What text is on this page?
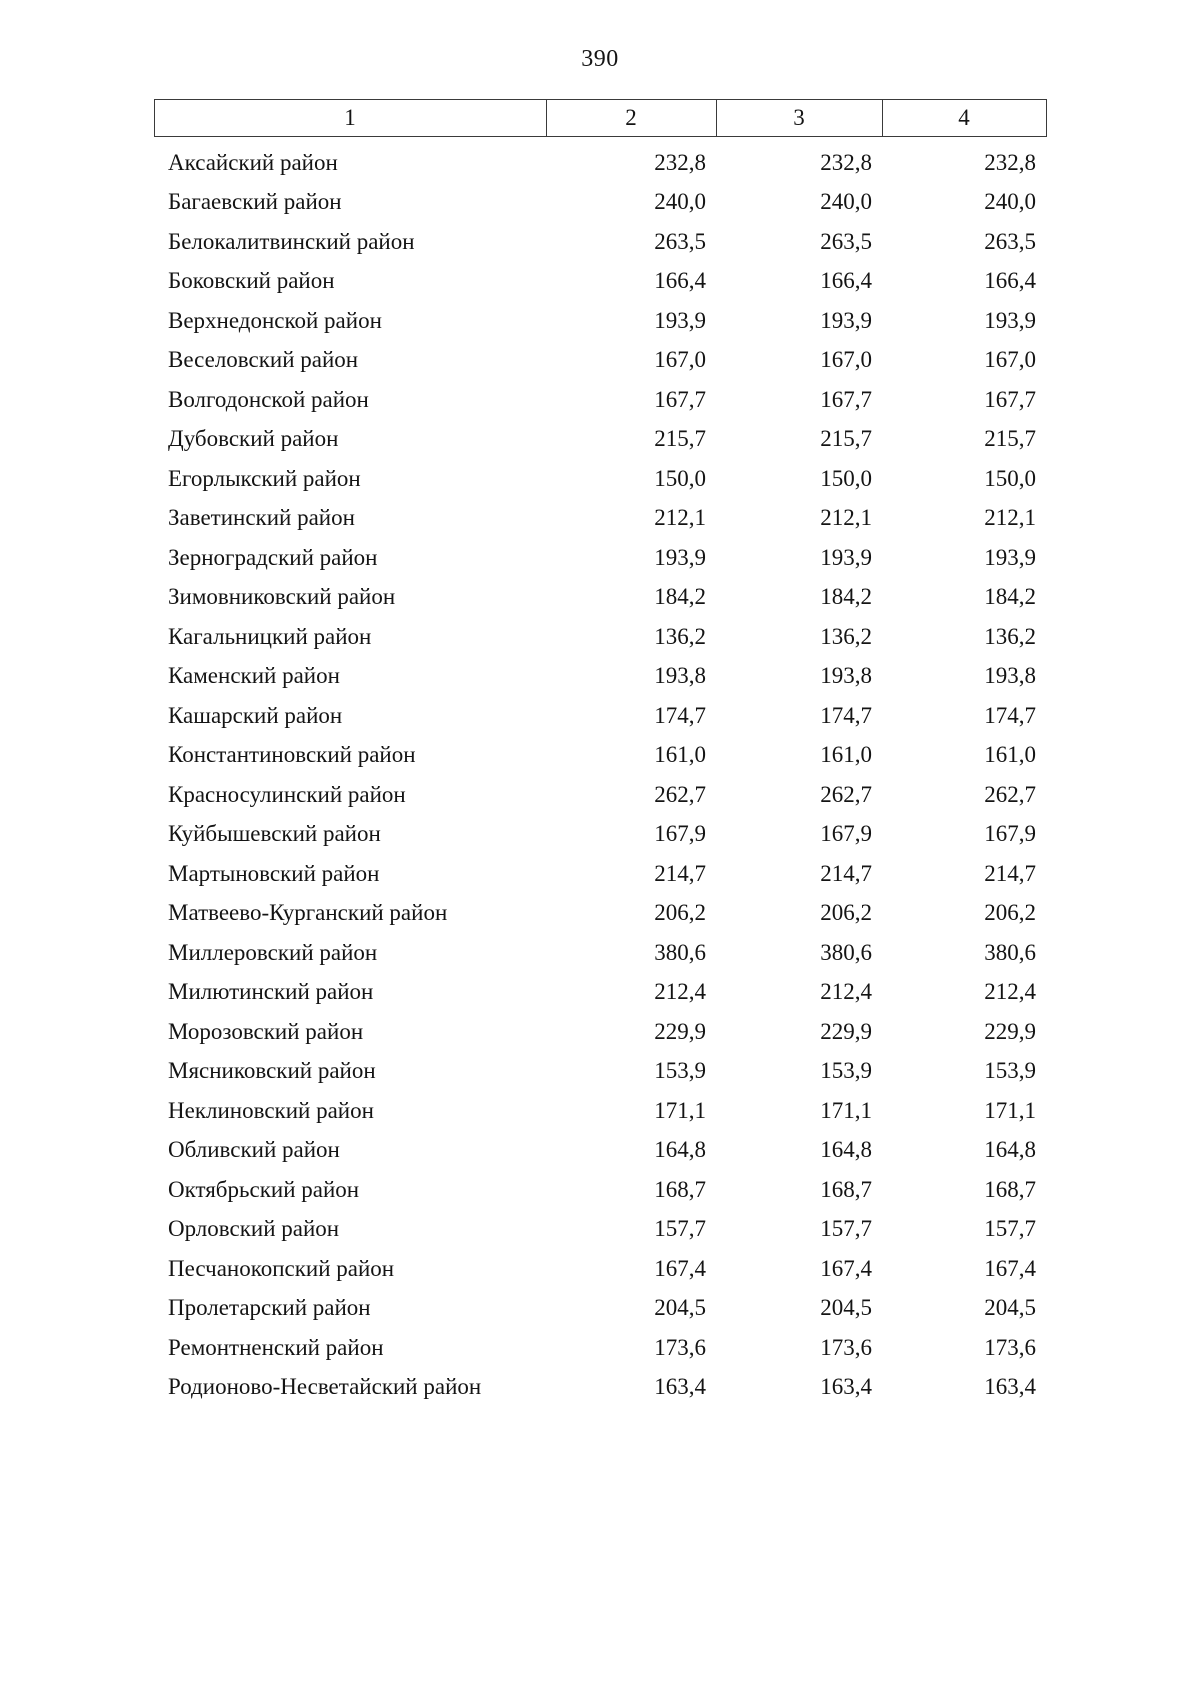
390
1	2	3	4
Аксайский район	232,8	232,8	232,8
Багаевский район	240,0	240,0	240,0
Белокалитвинский район	263,5	263,5	263,5
Боковский район	166,4	166,4	166,4
Верхнедонской район	193,9	193,9	193,9
Веселовский район	167,0	167,0	167,0
Волгодонской район	167,7	167,7	167,7
Дубовский район	215,7	215,7	215,7
Егорлыкский район	150,0	150,0	150,0
Заветинский район	212,1	212,1	212,1
Зерноградский район	193,9	193,9	193,9
Зимовниковский район	184,2	184,2	184,2
Кагальницкий район	136,2	136,2	136,2
Каменский район	193,8	193,8	193,8
Кашарский район	174,7	174,7	174,7
Константиновский район	161,0	161,0	161,0
Красносулинский район	262,7	262,7	262,7
Куйбышевский район	167,9	167,9	167,9
Мартыновский район	214,7	214,7	214,7
Матвеево-Курганский район	206,2	206,2	206,2
Миллеровский район	380,6	380,6	380,6
Милютинский район	212,4	212,4	212,4
Морозовский район	229,9	229,9	229,9
Мясниковский район	153,9	153,9	153,9
Неклиновский район	171,1	171,1	171,1
Обливский район	164,8	164,8	164,8
Октябрьский район	168,7	168,7	168,7
Орловский район	157,7	157,7	157,7
Песчанокопский район	167,4	167,4	167,4
Пролетарский район	204,5	204,5	204,5
Ремонтненский район	173,6	173,6	173,6
Родионово-Несветайский район	163,4	163,4	163,4
